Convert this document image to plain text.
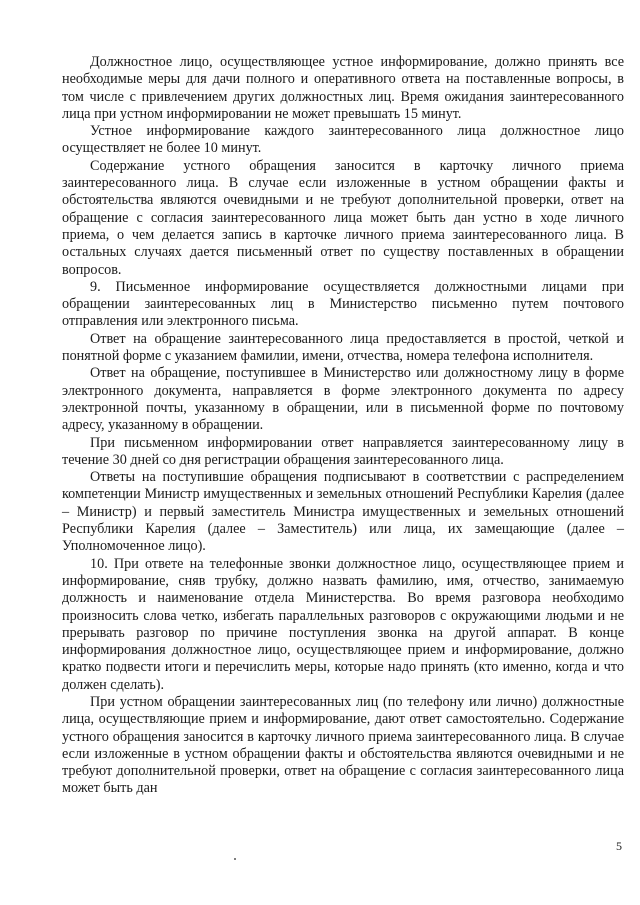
Должностное лицо, осуществляющее устное информирование, должно принять все необходимые меры для дачи полного и оперативного ответа на поставленные вопросы, в том числе с привлечением других должностных лиц. Время ожидания заинтересованного лица при устном информировании не может превышать 15 минут.

Устное информирование каждого заинтересованного лица должностное лицо осуществляет не более 10 минут.

Содержание устного обращения заносится в карточку личного приема заинтересованного лица. В случае если изложенные в устном обращении факты и обстоятельства являются очевидными и не требуют дополнительной проверки, ответ на обращение с согласия заинтересованного лица может быть дан устно в ходе личного приема, о чем делается запись в карточке личного приема заинтересованного лица. В остальных случаях дается письменный ответ по существу поставленных в обращении вопросов.

9. Письменное информирование осуществляется должностными лицами при обращении заинтересованных лиц в Министерство письменно путем почтового отправления или электронного письма.

Ответ на обращение заинтересованного лица предоставляется в простой, четкой и понятной форме с указанием фамилии, имени, отчества, номера телефона исполнителя.

Ответ на обращение, поступившее в Министерство или должностному лицу в форме электронного документа, направляется в форме электронного документа по адресу электронной почты, указанному в обращении, или в письменной форме по почтовому адресу, указанному в обращении.

При письменном информировании ответ направляется заинтересованному лицу в течение 30 дней со дня регистрации обращения заинтересованного лица.

Ответы на поступившие обращения подписывают в соответствии с распределением компетенции Министр имущественных и земельных отношений Республики Карелия (далее – Министр) и первый заместитель Министра имущественных и земельных отношений Республики Карелия (далее – Заместитель) или лица, их замещающие (далее – Уполномоченное лицо).

10. При ответе на телефонные звонки должностное лицо, осуществляющее прием и информирование, сняв трубку, должно назвать фамилию, имя, отчество, занимаемую должность и наименование отдела Министерства. Во время разговора необходимо произносить слова четко, избегать параллельных разговоров с окружающими людьми и не прерывать разговор по причине поступления звонка на другой аппарат. В конце информирования должностное лицо, осуществляющее прием и информирование, должно кратко подвести итоги и перечислить меры, которые надо принять (кто именно, когда и что должен сделать).

При устном обращении заинтересованных лиц (по телефону или лично) должностные лица, осуществляющие прием и информирование, дают ответ самостоятельно. Содержание устного обращения заносится в карточку личного приема заинтересованного лица. В случае если изложенные в устном обращении факты и обстоятельства являются очевидными и не требуют дополнительной проверки, ответ на обращение с согласия заинтересованного лица может быть дан

5
